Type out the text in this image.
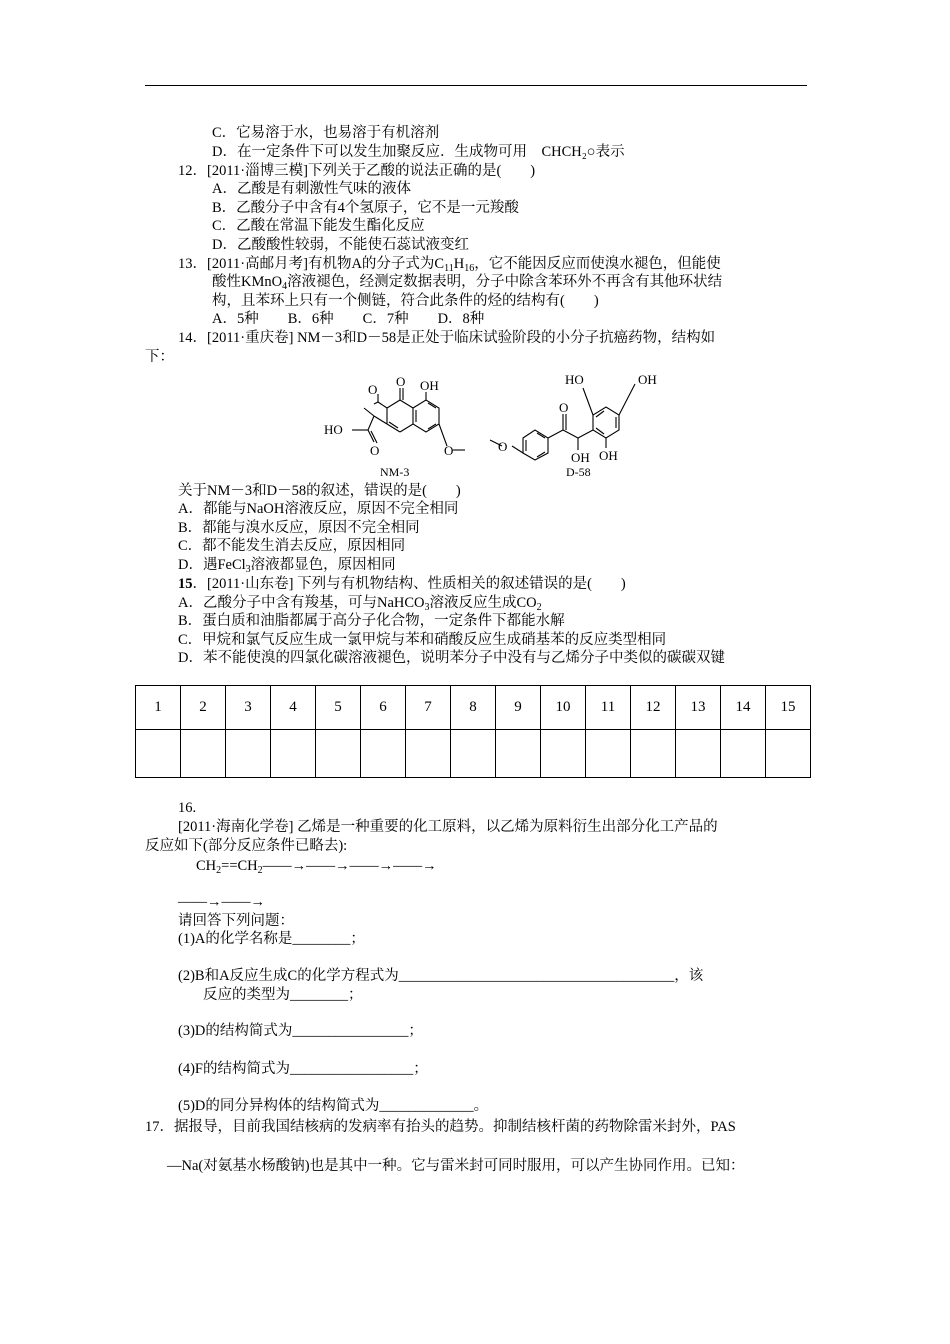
C．它易溶于水，也易溶于有机溶剂
D．在一定条件下可以发生加聚反应．生成物可用　CHCH₂○表示
12．[2011·淄博三模]下列关于乙酸的说法正确的是(　　)
A．乙酸是有刺激性气味的液体
B．乙酸分子中含有4个氢原子，它不是一元羧酸
C．乙酸在常温下能发生酯化反应
D．乙酸酸性较弱，不能使石蕊试液变红
13．[2011·高邮月考]有机物A的分子式为$C_{11}H_{16}$，它不能因反应而使溴水褪色，但能使
酸性KMnO$_4$溶液褪色，经测定数据表明，分子中除含苯环外不再含有其他环状结
构，且苯环上只有一个侧链，符合此条件的烃的结构有(　　)
A．5种　　B．6种　　C．7种　　D．8种
14．[2011·重庆卷] NM－3和D－58是正处于临床试验阶段的小分子抗癌药物，结构如
下：
O
O OH
HO
O	O
NM-3
O
O
HO	OH
OH OH
D-58
关于NM－3和D－58的叙述，错误的是(　　)
A．都能与NaOH溶液反应，原因不完全相同
B．都能与溴水反应，原因不完全相同
C．都不能发生消去反应，原因相同
D．遇FeCl$_3$溶液都显色，原因相同
15．[2011·山东卷] 下列与有机物结构、性质相关的叙述错误的是(　　)
A．乙酸分子中含有羧基，可与NaHCO$_3$溶液反应生成$CO_2$
B．蛋白质和油脂都属于高分子化合物，一定条件下都能水解
C．甲烷和氯气反应生成一氯甲烷与苯和硝酸反应生成硝基苯的反应类型相同
D．苯不能使溴的四氯化碳溶液褪色，说明苯分子中没有与乙烯分子中类似的碳碳双键
1	2	3	4	5	6	7	8	9	10	11	12	13	14	15

16.
[2011·海南化学卷] 乙烯是一种重要的化工原料，以乙烯为原料衍生出部分化工产品的
反应如下(部分反应条件已略去):
$CH_2==CH_2——\to——\to——\to——\to$
——→——→
请回答下列问题：
(1)A的化学名称是________；
(2)B和A反应生成C的化学方程式为______________________________________，该
反应的类型为________；
(3)D的结构简式为________________；
(4)F的结构简式为_________________；
(5)D的同分异构体的结构简式为_____________。
17．据报导，目前我国结核病的发病率有抬头的趋势。抑制结核杆菌的药物除雷米封外，PAS
—Na(对氨基水杨酸钠)也是其中一种。它与雷米封可同时服用，可以产生协同作用。已知：
